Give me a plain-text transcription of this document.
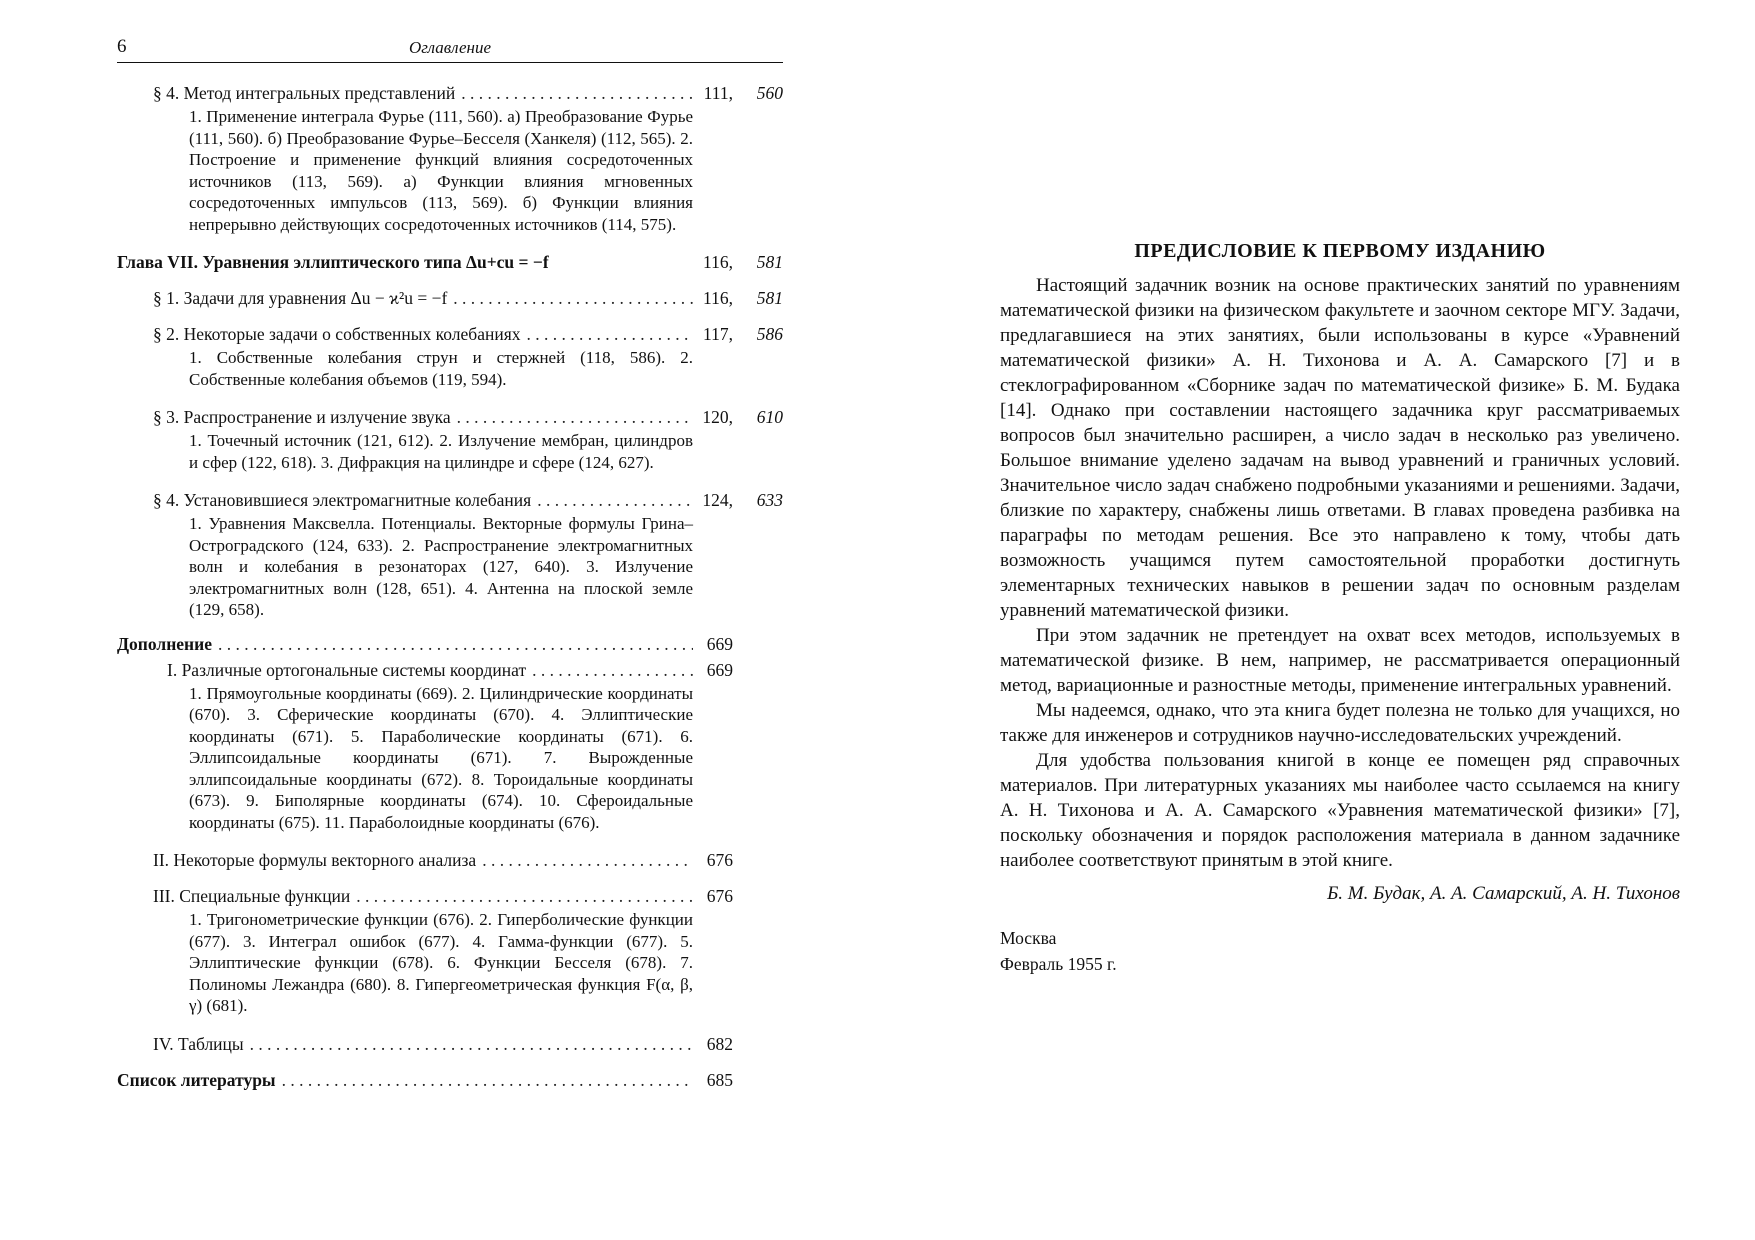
6	Оглавление
§ 4. Метод интегральных представлений . . .	111,	560
1. Применение интеграла Фурье (111, 560). а) Преобразование Фурье (111, 560). б) Преобразование Фурье–Бесселя (Ханкеля) (112, 565). 2. Построение и применение функций влияния сосредоточенных источников (113, 569). а) Функции влияния мгновенных сосредоточенных импульсов (113, 569). б) Функции влияния непрерывно действующих сосредоточенных источников (114, 575).
Глава VII. Уравнения эллиптического типа Δu+cu = −f	116,	581
§ 1. Задачи для уравнения Δu − ϰ²u = −f . . .	116,	581
§ 2. Некоторые задачи о собственных колебаниях . . .	117,	586
1. Собственные колебания струн и стержней (118, 586). 2. Собственные колебания объемов (119, 594).
§ 3. Распространение и излучение звука . . .	120,	610
1. Точечный источник (121, 612). 2. Излучение мембран, цилиндров и сфер (122, 618). 3. Дифракция на цилиндре и сфере (124, 627).
§ 4. Установившиеся электромагнитные колебания . . .	124,	633
1. Уравнения Максвелла. Потенциалы. Векторные формулы Грина–Остроградского (124, 633). 2. Распространение электромагнитных волн и колебания в резонаторах (127, 640). 3. Излучение электромагнитных волн (128, 651). 4. Антенна на плоской земле (129, 658).
Дополнение . . .	669
I. Различные ортогональные системы координат . . .	669
1. Прямоугольные координаты (669). 2. Цилиндрические координаты (670). 3. Сферические координаты (670). 4. Эллиптические координаты (671). 5. Параболические координаты (671). 6. Эллипсоидальные координаты (671). 7. Вырожденные эллипсоидальные координаты (672). 8. Тороидальные координаты (673). 9. Биполярные координаты (674). 10. Сфероидальные координаты (675). 11. Параболоидные координаты (676).
II. Некоторые формулы векторного анализа . . .	676
III. Специальные функции . . .	676
1. Тригонометрические функции (676). 2. Гиперболические функции (677). 3. Интеграл ошибок (677). 4. Гамма-функции (677). 5. Эллиптические функции (678). 6. Функции Бесселя (678). 7. Полиномы Лежандра (680). 8. Гипергеометрическая функция F(α, β, γ) (681).
IV. Таблицы . . .	682
Список литературы . . .	685
ПРЕДИСЛОВИЕ К ПЕРВОМУ ИЗДАНИЮ

Настоящий задачник возник на основе практических занятий по уравнениям математической физики на физическом факультете и заочном секторе МГУ. Задачи, предлагавшиеся на этих занятиях, были использованы в курсе «Уравнений математической физики» А. Н. Тихонова и А. А. Самарского [7] и в стеклографированном «Сборнике задач по математической физике» Б. М. Будака [14]. Однако при составлении настоящего задачника круг рассматриваемых вопросов был значительно расширен, а число задач в несколько раз увеличено. Большое внимание уделено задачам на вывод уравнений и граничных условий. Значительное число задач снабжено подробными указаниями и решениями. Задачи, близкие по характеру, снабжены лишь ответами. В главах проведена разбивка на параграфы по методам решения. Все это направлено к тому, чтобы дать возможность учащимся путем самостоятельной проработки достигнуть элементарных технических навыков в решении задач по основным разделам уравнений математической физики.

При этом задачник не претендует на охват всех методов, используемых в математической физике. В нем, например, не рассматривается операционный метод, вариационные и разностные методы, применение интегральных уравнений.

Мы надеемся, однако, что эта книга будет полезна не только для учащихся, но также для инженеров и сотрудников научно-исследовательских учреждений.

Для удобства пользования книгой в конце ее помещен ряд справочных материалов. При литературных указаниях мы наиболее часто ссылаемся на книгу А. Н. Тихонова и А. А. Самарского «Уравнения математической физики» [7], поскольку обозначения и порядок расположения материала в данном задачнике наиболее соответствуют принятым в этой книге.

Б. М. Будак, А. А. Самарский, А. Н. Тихонов
Москва
Февраль 1955 г.
